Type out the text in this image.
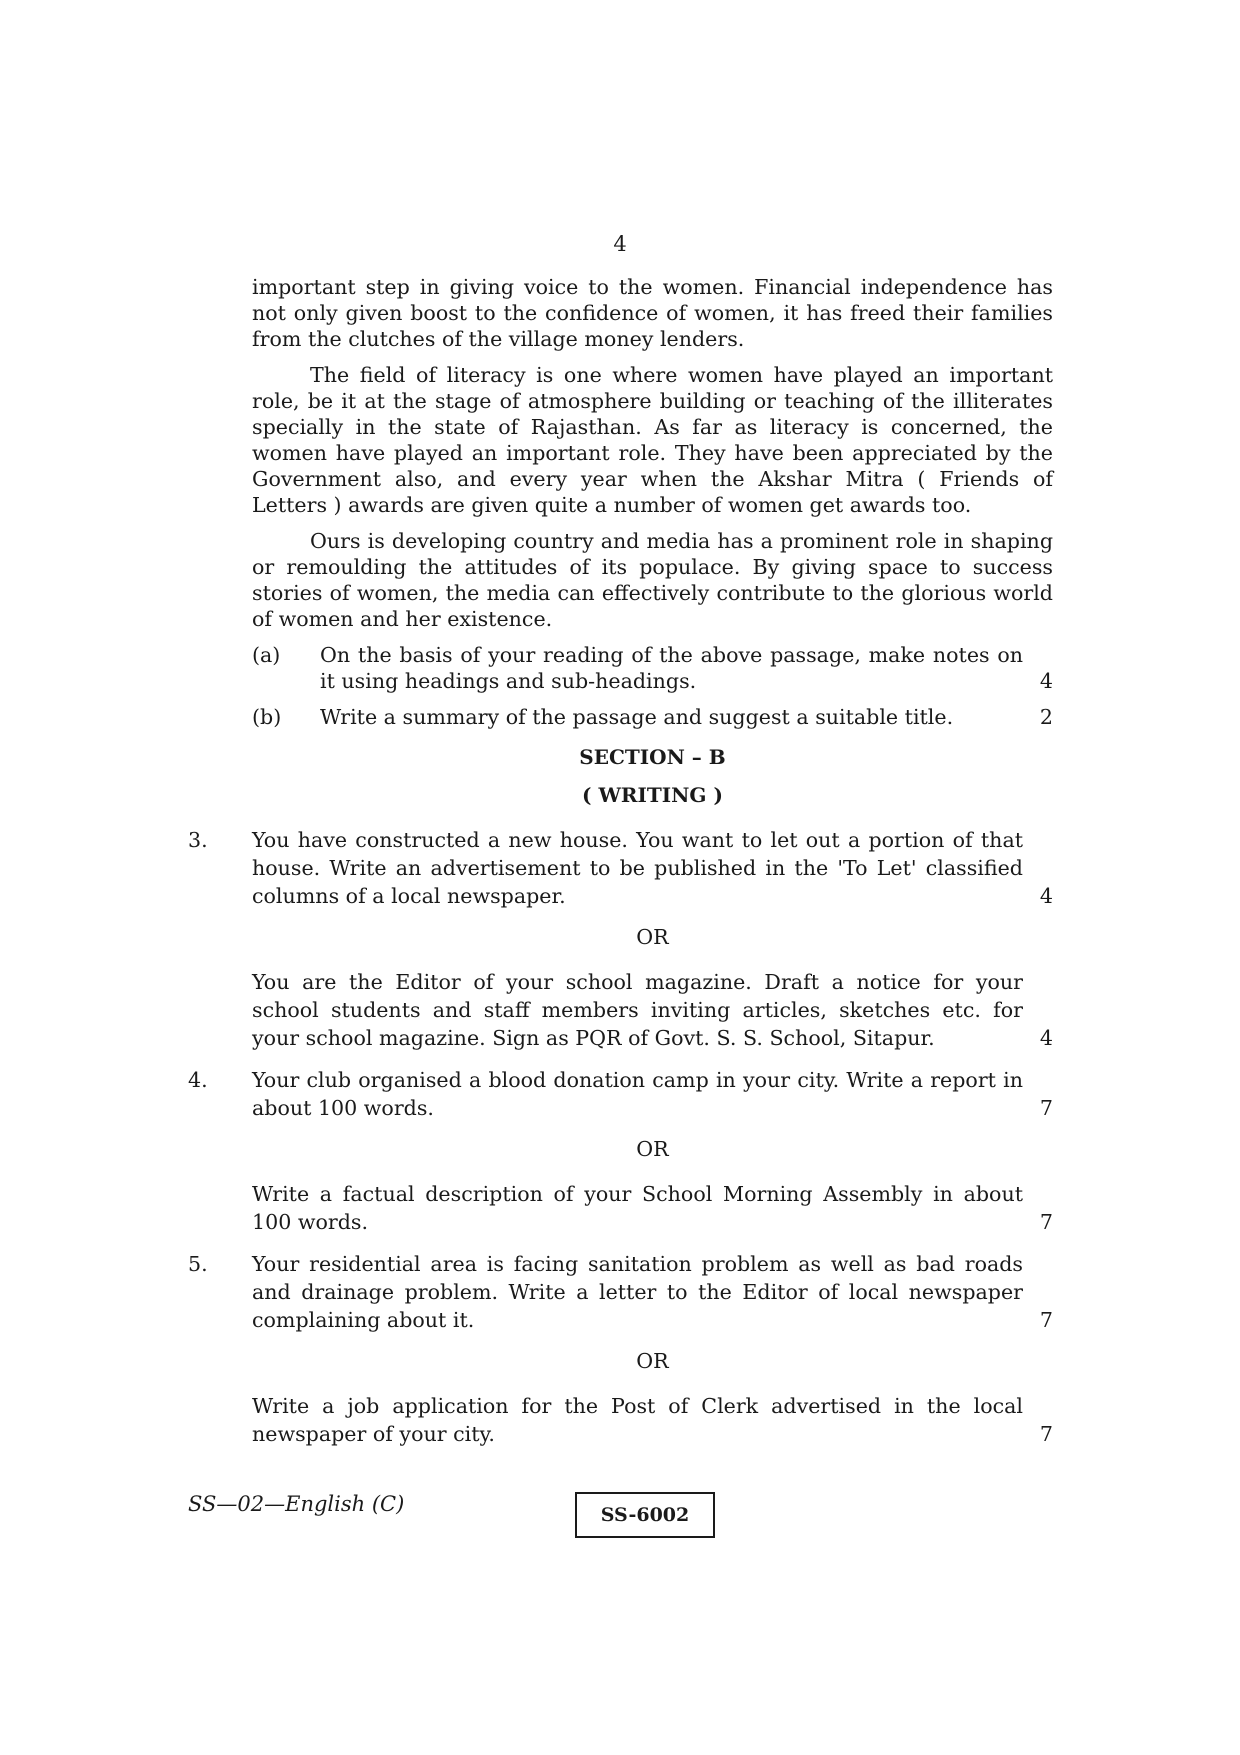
4

important step in giving voice to the women. Financial independence has not only given boost to the confidence of women, it has freed their families from the clutches of the village money lenders.

The field of literacy is one where women have played an important role, be it at the stage of atmosphere building or teaching of the illiterates specially in the state of Rajasthan. As far as literacy is concerned, the women have played an important role. They have been appreciated by the Government also, and every year when the Akshar Mitra ( Friends of Letters ) awards are given quite a number of women get awards too.

Ours is developing country and media has a prominent role in shaping or remoulding the attitudes of its populace. By giving space to success stories of women, the media can effectively contribute to the glorious world of women and her existence.

(a)	On the basis of your reading of the above passage, make notes on it using headings and sub-headings.	4
(b)	Write a summary of the passage and suggest a suitable title.	2
SECTION – B
( WRITING )
3. You have constructed a new house. You want to let out a portion of that house. Write an advertisement to be published in the 'To Let' classified columns of a local newspaper.	4
OR
You are the Editor of your school magazine. Draft a notice for your school students and staff members inviting articles, sketches etc. for your school magazine. Sign as PQR of Govt. S. S. School, Sitapur.	4
4. Your club organised a blood donation camp in your city. Write a report in about 100 words.	7
OR
Write a factual description of your School Morning Assembly in about 100 words.	7
5. Your residential area is facing sanitation problem as well as bad roads and drainage problem. Write a letter to the Editor of local newspaper complaining about it.	7
OR
Write a job application for the Post of Clerk advertised in the local newspaper of your city.	7
SS—02—English (C)	SS-6002
